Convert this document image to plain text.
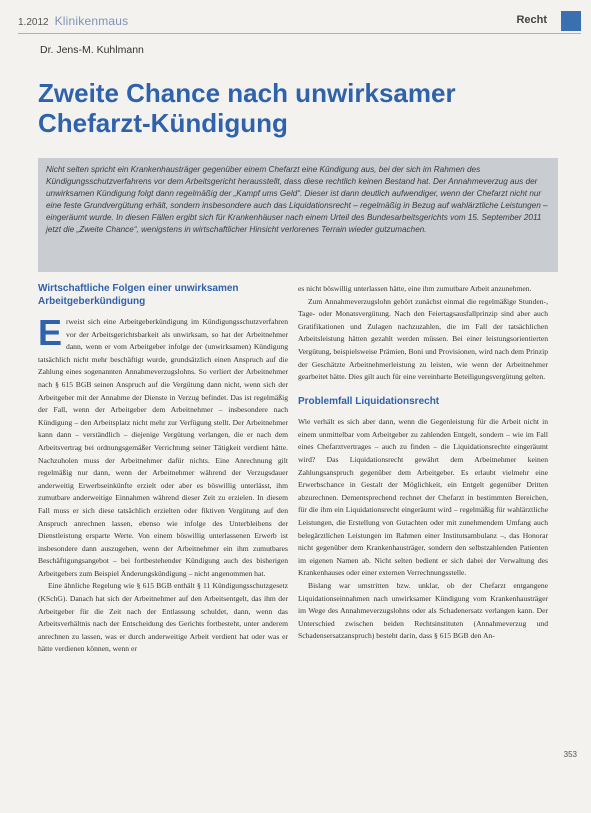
1.2012 Klinikenmaus	Recht
Dr. Jens-M. Kuhlmann
Zweite Chance nach unwirksamer
Chefarzt-Kündigung

Nicht selten spricht ein Krankenhausträger gegenüber einem Chefarzt eine Kündigung aus, bei der sich im Rahmen des Kündigungsschutzverfahrens vor dem Arbeitsgericht herausstellt, dass diese rechtlich keinen Bestand hat. Der Annahmeverzug aus der unwirksamen Kündigung folgt dann regelmäßig der „Kampf ums Geld“. Dieser ist dann deutlich aufwendiger, wenn der Chefarzt nicht nur eine feste Grundvergütung erhält, sondern insbesondere auch das Liquidationsrecht – regelmäßig in Bezug auf wahlärztliche Leistungen – eingeräumt wurde. In diesen Fällen ergibt sich für Krankenhäuser nach einem Urteil des Bundesarbeitsgerichts vom 15. September 2011 jetzt die „Zweite Chance“, wenigstens in wirtschaftlicher Hinsicht verlorenes Terrain wieder gutzumachen.

Wirtschaftliche Folgen einer unwirksamen Arbeitgeberkündigung
E rweist sich eine Arbeitgeberkündigung im Kündigungsschutzverfahren vor der Arbeitsgerichtsbarkeit als unwirksam, so hat der Arbeitnehmer dann, wenn er vom Arbeitgeber infolge der (unwirksamen) Kündigung tatsächlich nicht mehr beschäftigt wurde, grundsätzlich einen Anspruch auf die Zahlung eines sogenannten Annahmeverzugslohns. So verliert der Arbeitnehmer nach § 615 BGB seinen Anspruch auf die Vergütung dann nicht, wenn sich der Arbeitgeber mit der Annahme der Dienste in Verzug befindet. Das ist regelmäßig der Fall, wenn der Arbeitgeber dem Arbeitnehmer – insbesondere nach Kündigung – den Arbeitsplatz nicht mehr zur Verfügung stellt. Der Arbeitnehmer kann dann – verständlich – diejenige Vergütung verlangen, die er nach dem Arbeitsvertrag bei ordnungsgemäßer Verrichtung seiner Tätigkeit verdient hätte. Nachzuholen muss der Arbeitnehmer dafür nichts. Eine Anrechnung gilt regelmäßig nur dann, wenn der Arbeitnehmer während der Verzugsdauer anderweitig Erwerbseinkünfte erzielt oder aber es böswillig unterlässt, ihm zumutbare anderweitige Einnahmen während dieser Zeit zu erzielen. In diesem Fall muss er sich diese tatsächlich erzielten oder fiktiven Vergütung auf den Anspruch anrechnen lassen, ebenso wie infolge des Unterbleibens der Dienstleistung ersparte Werte. Von einem böswillig unterlassenen Erwerb ist insbesondere dann auszugehen, wenn der Arbeitnehmer ein ihm zumutbares Beschäftigungsangebot – bei fortbestehender Kündigung auch des bisherigen Arbeitgebers zum Beispiel Änderungskündigung – nicht angenommen hat.

Eine ähnliche Regelung wie § 615 BGB enthält § 11 Kündigungsschutzgesetz (KSchG). Danach hat sich der Arbeitnehmer auf den Arbeitsentgelt, das ihm der Arbeitgeber für die Zeit nach der Entlassung schuldet, dann, wenn das Arbeitsverhältnis nach der Entscheidung des Gerichts fortbesteht, unter anderem anrechnen zu lassen, was er durch anderweitige Arbeit verdient hat oder was er hätte verdienen können, wenn er

es nicht böswillig unterlassen hätte, eine ihm zumutbare Arbeit anzunehmen.

Zum Annahmeverzugslohn gehört zunächst einmal die regelmäßige Stunden-, Tage- oder Monatsvergütung. Nach den Feiertagsausfallprinzip sind aber auch Gratifikationen und Zulagen nachzuzahlen, die im Fall der tatsächlichen Arbeitsleistung hätten gezahlt werden müssen. Bei einer leistungsorientierten Vergütung, beispielsweise Prämien, Boni und Provisionen, wird nach dem Prinzip der Geschätzte Arbeitnehmerleistung zu leisten, wie wenn der Arbeitnehmer gearbeitet hätte. Dies gilt auch für eine vereinbarte Beteiligungsvergütung gelten.

Problemfall Liquidationsrecht

Wie verhält es sich aber dann, wenn die Gegenleistung für die Arbeit nicht in einem unmittelbar vom Arbeitgeber zu zahlenden Entgelt, sondern – wie im Fall eines Chefarztvertrages – auch zu finden – die Liquidationsrechte eingeräumt wird? Das Liquidationsrecht gewährt dem Arbeitnehmer keinen Zahlungsanspruch gegenüber dem Arbeitgeber. Es erlaubt vielmehr eine Erwerbschance in Gestalt der Möglichkeit, ein Entgelt gegenüber Dritten abzurechnen. Dementsprechend rechnet der Chefarzt in bestimmten Bereichen, für die ihm ein Liquidationsrecht eingeräumt wird – regelmäßig für wahlärztliche Leistungen, die Erstellung von Gutachten oder mit zunehmendem Umfang auch belegärztlichen Leistungen im Rahmen einer Institutsambulanz –, das Honorar nicht gegenüber dem Krankenhausträger, sondern den selbstzahlenden Patienten im eigenen Namen ab. Nicht selten bedient er sich dabei der Verwaltung des Krankenhauses oder einer externen Verrechnungsstelle.

Bislang war umstritten bzw. unklar, ob der Chefarzt entgangene Liquidationseinnahmen nach unwirksamer Kündigung vom Krankenhausträger im Wege des Annahmeverzugslohns oder als Schadenersatz verlangen kann. Der Unterschied zwischen beiden Rechtsinstituten (Annahmeverzug und Schadensersatzanspruch) besteht darin, dass § 615 BGB den An-

353
